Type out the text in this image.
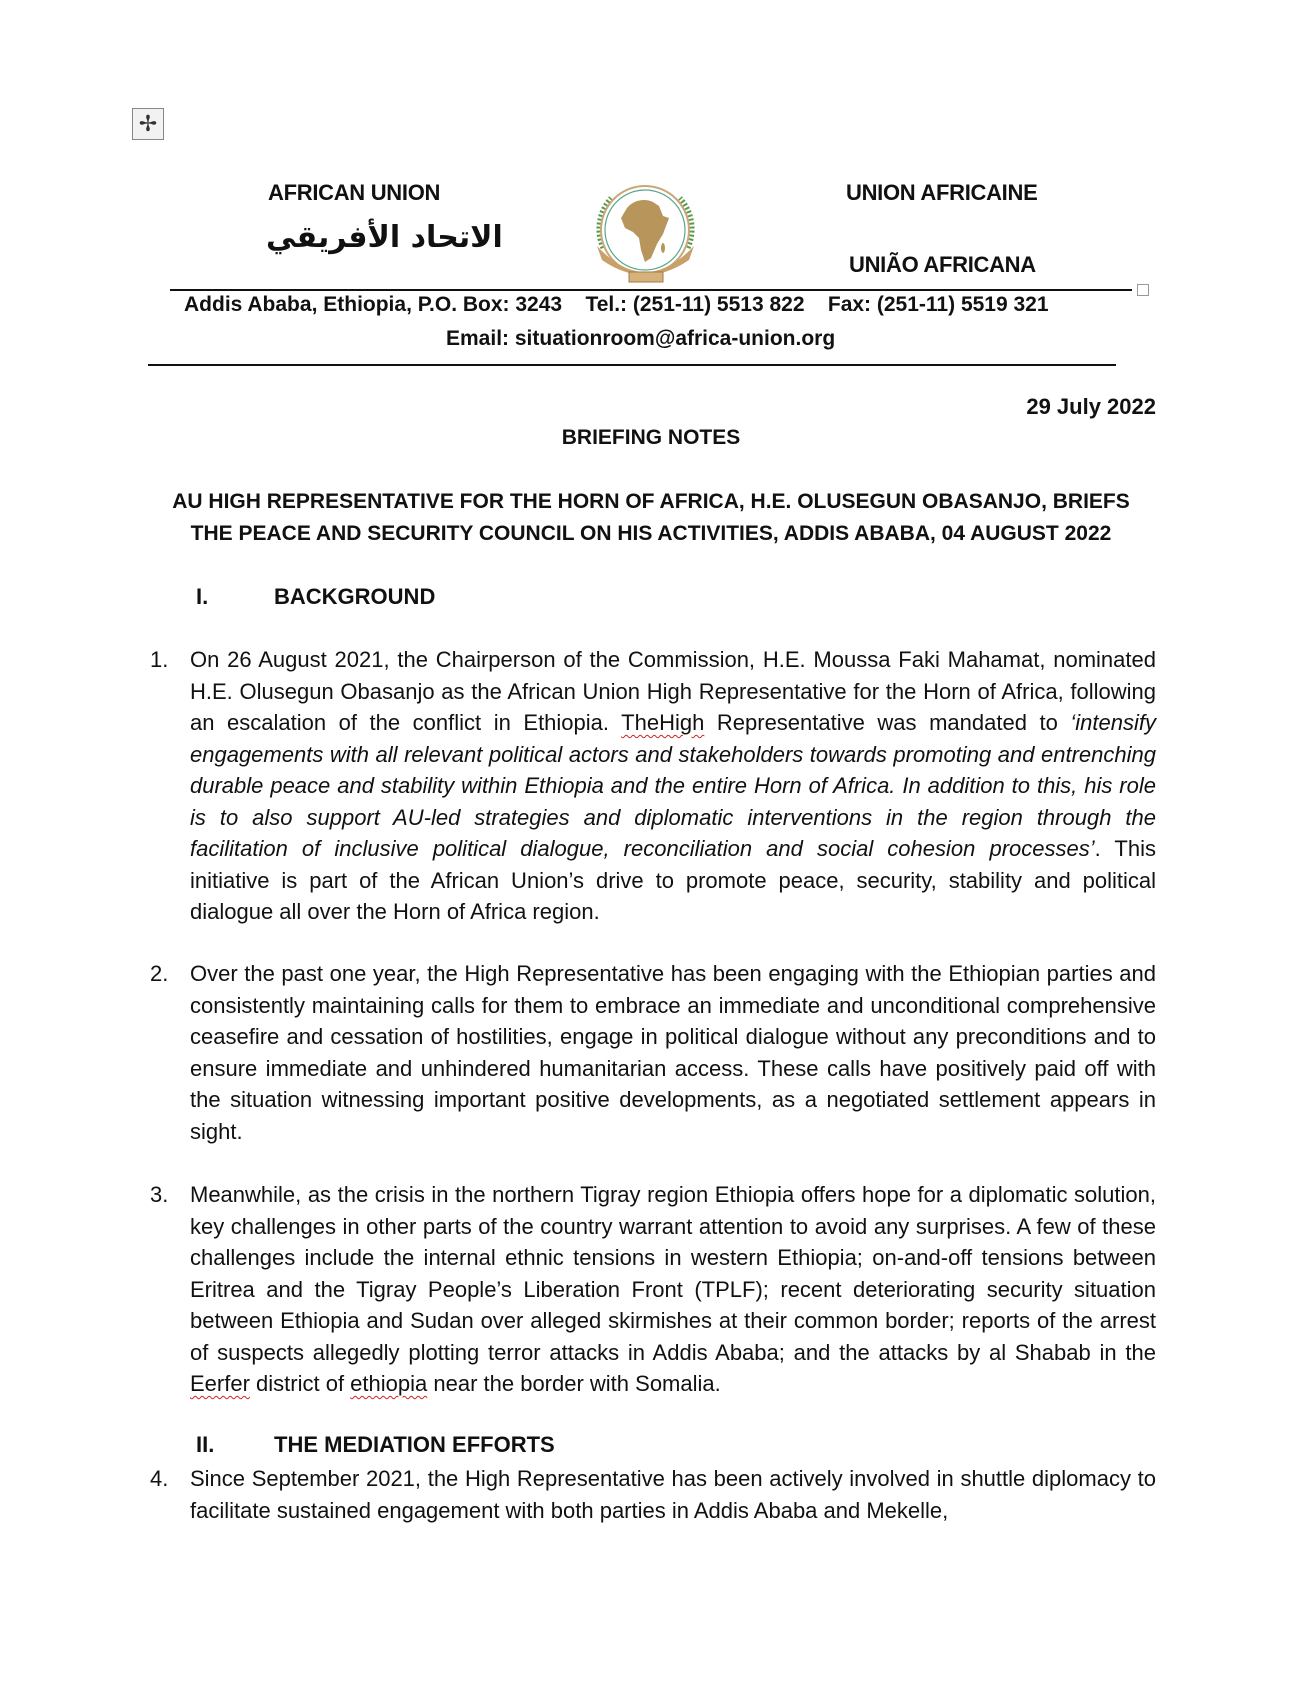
✢
AFRICAN UNION
الاتحاد الأفريقي
UNION AFRICAINE
UNIÃO AFRICANA
Addis Ababa, Ethiopia, P.O. Box: 3243 Tel.: (251-11) 5513 822 Fax: (251-11) 5519 321
Email: situationroom@africa-union.org
29 July 2022
BRIEFING NOTES
AU HIGH REPRESENTATIVE FOR THE HORN OF AFRICA, H.E. OLUSEGUN OBASANJO, BRIEFS
THE PEACE AND SECURITY COUNCIL ON HIS ACTIVITIES, ADDIS ABABA, 04 AUGUST 2022
I.	BACKGROUND
1. On 26 August 2021, the Chairperson of the Commission, H.E. Moussa Faki Mahamat, nominated H.E. Olusegun Obasanjo as the African Union High Representative for the Horn of Africa, following an escalation of the conflict in Ethiopia. TheHigh Representative was mandated to ‘intensify engagements with all relevant political actors and stakeholders towards promoting and entrenching durable peace and stability within Ethiopia and the entire Horn of Africa. In addition to this, his role is to also support AU-led strategies and diplomatic interventions in the region through the facilitation of inclusive political dialogue, reconciliation and social cohesion processes’. This initiative is part of the African Union’s drive to promote peace, security, stability and political dialogue all over the Horn of Africa region.
2. Over the past one year, the High Representative has been engaging with the Ethiopian parties and consistently maintaining calls for them to embrace an immediate and unconditional comprehensive ceasefire and cessation of hostilities, engage in political dialogue without any preconditions and to ensure immediate and unhindered humanitarian access. These calls have positively paid off with the situation witnessing important positive developments, as a negotiated settlement appears in sight.
3. Meanwhile, as the crisis in the northern Tigray region Ethiopia offers hope for a diplomatic solution, key challenges in other parts of the country warrant attention to avoid any surprises. A few of these challenges include the internal ethnic tensions in western Ethiopia; on-and-off tensions between Eritrea and the Tigray People’s Liberation Front (TPLF); recent deteriorating security situation between Ethiopia and Sudan over alleged skirmishes at their common border; reports of the arrest of suspects allegedly plotting terror attacks in Addis Ababa; and the attacks by al Shabab in the Eerfer district of ethiopia near the border with Somalia.
II.	THE MEDIATION EFFORTS
4. Since September 2021, the High Representative has been actively involved in shuttle diplomacy to facilitate sustained engagement with both parties in Addis Ababa and Mekelle,
